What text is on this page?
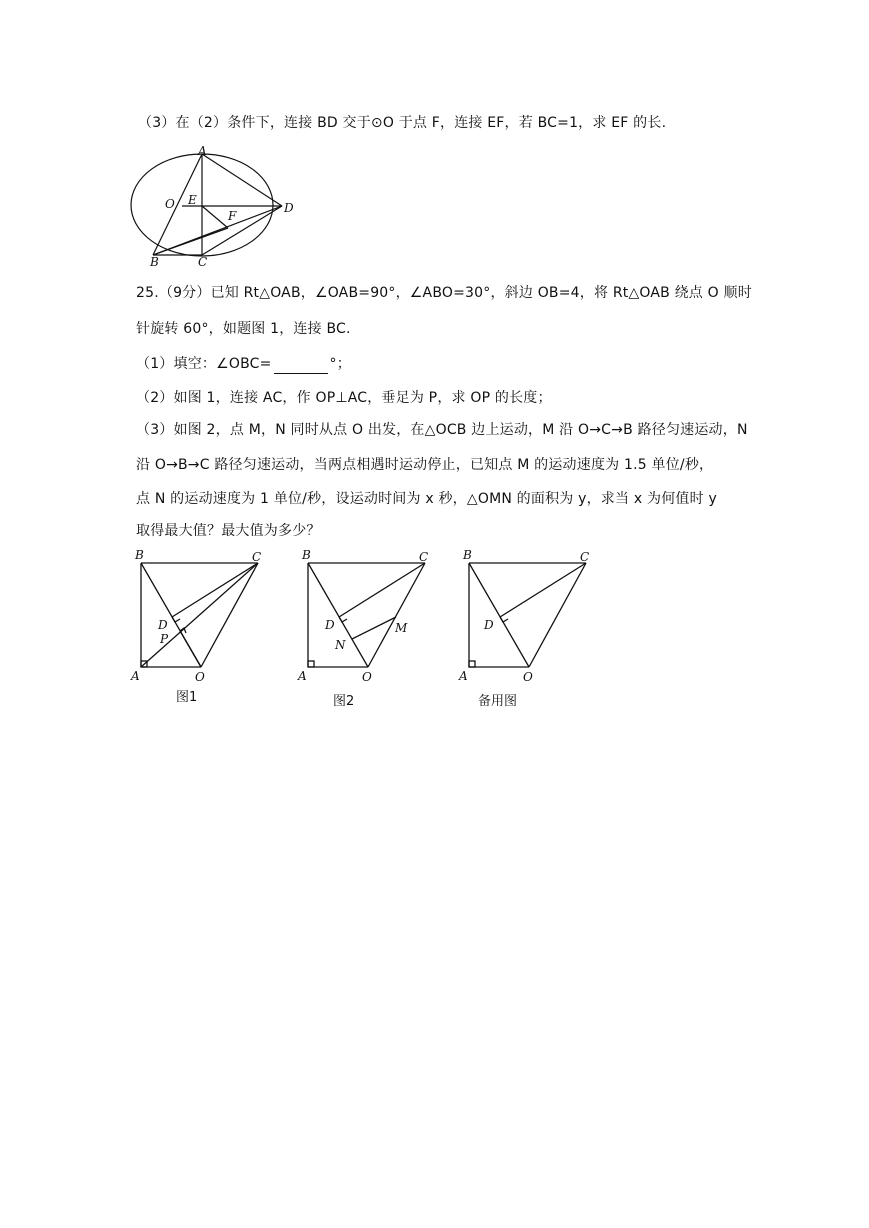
（3）在（2）条件下，连接 BD 交于⊙O 于点 F，连接 EF，若 BC=1，求 EF 的长.
A
O E
F
D
B	C
25.（9分）已知 Rt△OAB，∠OAB=90°，∠ABO=30°，斜边 OB=4，将 Rt△OAB 绕点 O 顺时
针旋转 60°，如题图 1，连接 BC.
（1）填空：∠OBC=	°；
（2）如图 1，连接 AC，作 OP⊥AC，垂足为 P，求 OP 的长度；
（3）如图 2，点 M，N 同时从点 O 出发，在△OCB 边上运动，M 沿 O→C→B 路径匀速运动，N
沿 O→B→C 路径匀速运动，当两点相遇时运动停止，已知点 M 的运动速度为 1.5 单位/秒，
点 N 的运动速度为 1 单位/秒，设运动时间为 x 秒，△OMN 的面积为 y，求当 x 为何值时 y
取得最大值？最大值为多少？
B	C
D
P
A	O
图1
B	C
D
N
M
A	O
图2
B	C
D
A	O
备用图
